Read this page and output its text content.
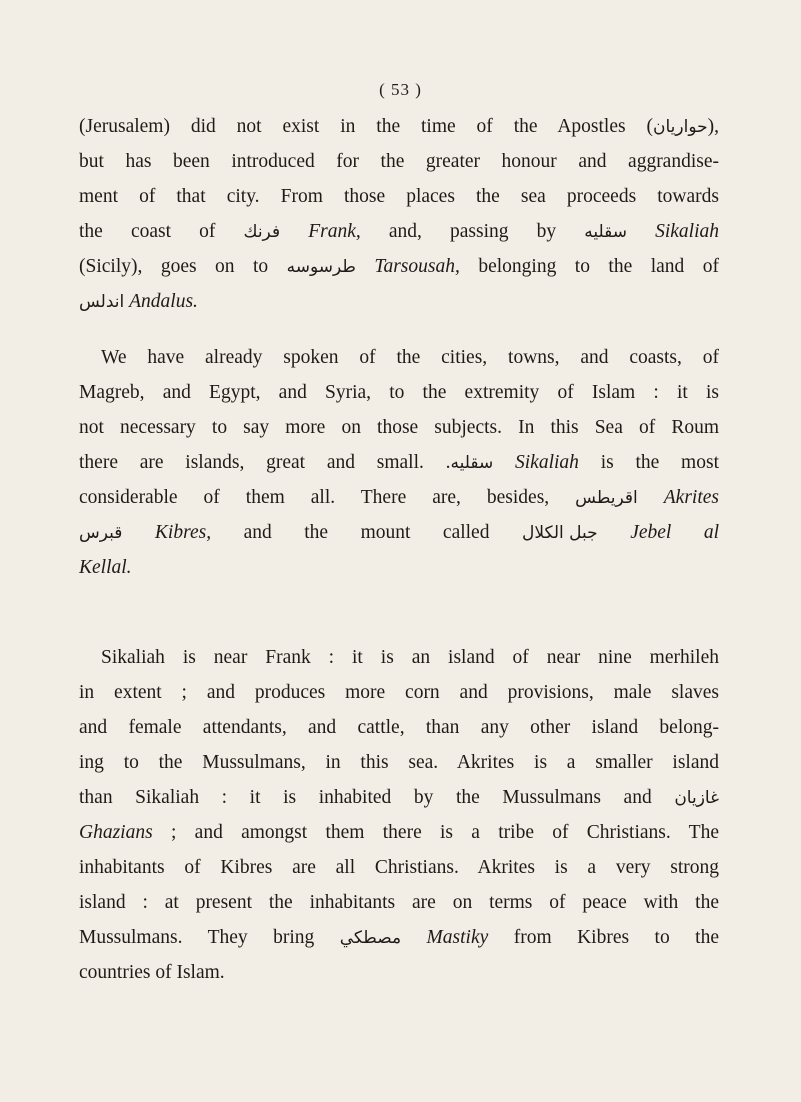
( 53 )
(Jerusalem) did not exist in the time of the Apostles (حواريان),
but has been introduced for the greater honour and aggrandise-
ment of that city. From those places the sea proceeds towards
the coast of فرنك Frank, and, passing by سقليه Sikaliah
(Sicily), goes on to طرسوسه Tarsousah, belonging to the land of
اندلس Andalus.
We have already spoken of the cities, towns, and coasts, of
Magreb, and Egypt, and Syria, to the extremity of Islam : it is
not necessary to say more on those subjects. In this Sea of Roum
there are islands, great and small. .سقليه Sikaliah is the most
considerable of them all. There are, besides, اقريطس Akrites
قبرس Kibres, and the mount called جبل الكلال Jebel al
Kellal.
Sikaliah is near Frank : it is an island of near nine merhileh
in extent ; and produces more corn and provisions, male slaves
and female attendants, and cattle, than any other island belong-
ing to the Mussulmans, in this sea. Akrites is a smaller island
than Sikaliah : it is inhabited by the Mussulmans and غازيان
Ghazians ; and amongst them there is a tribe of Christians. The
inhabitants of Kibres are all Christians. Akrites is a very strong
island : at present the inhabitants are on terms of peace with the
Mussulmans. They bring مصطكي Mastiky from Kibres to the
countries of Islam.
